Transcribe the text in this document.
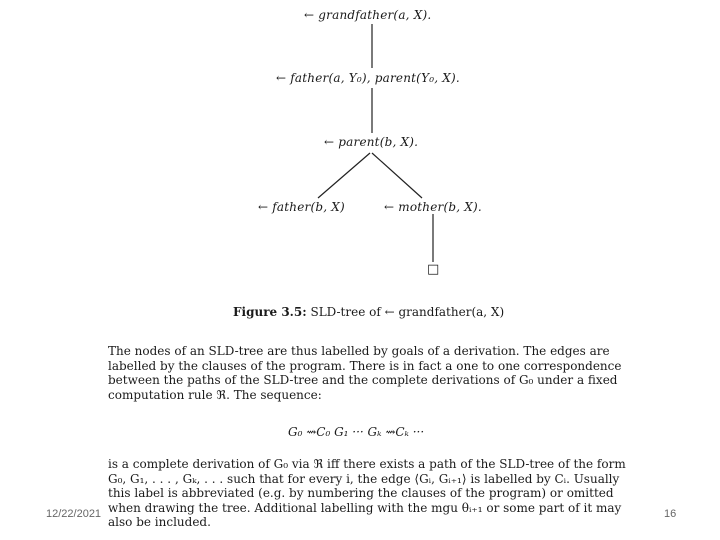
← grandfather(a, X).
← father(a, Y₀), parent(Y₀, X).
← parent(b, X).
← father(b, X)	← mother(b, X).
□
Figure 3.5: SLD-tree of ← grandfather(a, X)
The nodes of an SLD-tree are thus labelled by goals of a derivation. The edges are
labelled by the clauses of the program. There is in fact a one to one correspondence
between the paths of the SLD-tree and the complete derivations of G₀ under a fixed
computation rule ℜ. The sequence:
G₀ ⇝C₀ G₁ ··· Gₖ ⇝Cₖ ···
is a complete derivation of G₀ via ℜ iff there exists a path of the SLD-tree of the form
G₀, G₁, . . . , Gₖ, . . . such that for every i, the edge ⟨Gᵢ, Gᵢ₊₁⟩ is labelled by Cᵢ. Usually
this label is abbreviated (e.g. by numbering the clauses of the program) or omitted
when drawing the tree. Additional labelling with the mgu θᵢ₊₁ or some part of it may
also be included.
12/22/2021	16
